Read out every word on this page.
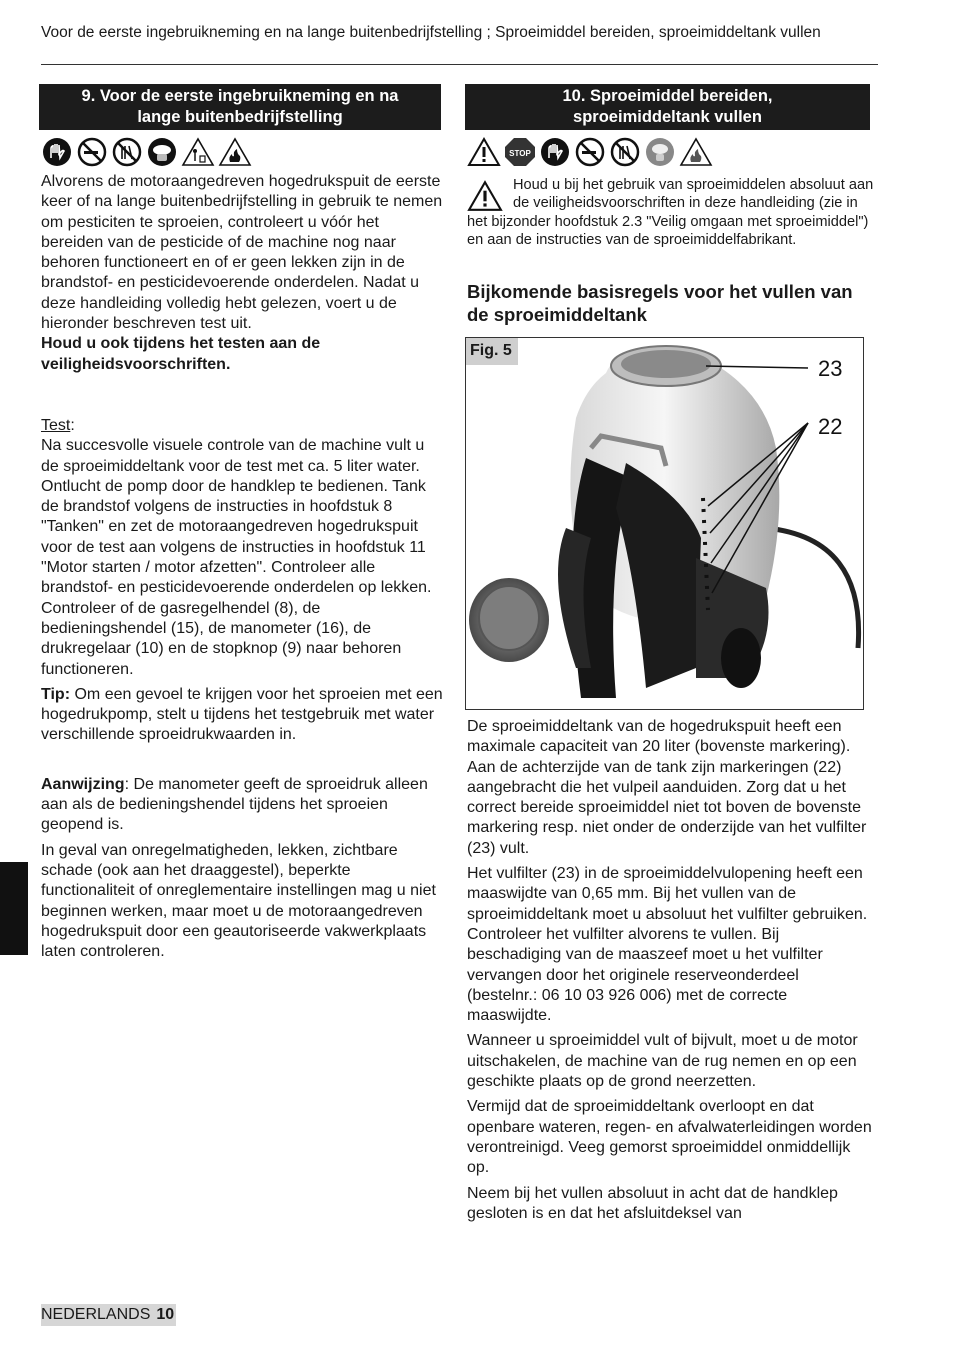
Voor de eerste ingebruikneming en na lange buitenbedrijfstelling ; Sproeimiddel bereiden, sproeimiddeltank vullen
9. Voor de eerste ingebruikneming en na
lange buitenbedrijfstelling

Alvorens de motoraangedreven hogedrukspuit de eerste keer of na lange buitenbedrijfstelling in gebruik te nemen om pesticiten te sproeien, controleert u vóór het bereiden van de pesticide of de machine nog naar behoren functioneert en of er geen lekken zijn in de brandstof- en pesticidevoerende onderdelen. Nadat u deze handleiding volledig hebt gelezen, voert u de hieronder beschreven test uit.

Houd u ook tijdens het testen aan de veiligheidsvoorschriften.

Test:

Na succesvolle visuele controle van de machine vult u de sproeimiddeltank voor de test met ca. 5 liter water. Ontlucht de pomp door de handklep te bedienen. Tank de brandstof volgens de instructies in hoofdstuk 8 "Tanken" en zet de motoraangedreven hogedrukspuit voor de test aan volgens de instructies in hoofdstuk 11 "Motor starten / motor afzetten". Controleer alle brandstof- en pesticidevoerende onderdelen op lekken. Controleer of de gasregelhendel (8), de bedieningshendel (15), de manometer (16), de drukregelaar (10) en de stopknop (9) naar behoren functioneren.

Tip: Om een gevoel te krijgen voor het sproeien met een hogedrukpomp, stelt u tijdens het testgebruik met water verschillende sproeidrukwaarden in.

Aanwijzing: De manometer geeft de sproeidruk alleen aan als de bedieningshendel tijdens het sproeien geopend is.

In geval van onregelmatigheden, lekken, zichtbare schade (ook aan het draaggestel), beperkte functionaliteit of onreglementaire instellingen mag u niet beginnen werken, maar moet u de motoraangedreven hogedrukspuit door een geautoriseerde vakwerkplaats laten controleren.

10. Sproeimiddel bereiden,
sproeimiddeltank vullen
STOP
Houd u bij het gebruik van sproeimiddelen absoluut aan de veiligheidsvoorschriften in deze handleiding (zie in het bijzonder hoofdstuk 2.3 "Veilig omgaan met sproeimiddel") en aan de instructies van de sproeimiddelfabrikant.
Bijkomende basisregels voor het vullen van de sproeimiddeltank
23
22
Fig. 5

De sproeimiddeltank van de hogedrukspuit heeft een maximale capaciteit van 20 liter (bovenste markering). Aan de achterzijde van de tank zijn markeringen (22) aangebracht die het vulpeil aanduiden. Zorg dat u het correct bereide sproeimiddel niet tot boven de bovenste markering resp. niet onder de onderzijde van het vulfilter (23) vult.

Het vulfilter (23) in de sproeimiddelvulopening heeft een maaswijdte van 0,65 mm. Bij het vullen van de sproeimiddeltank moet u absoluut het vulfilter gebruiken. Controleer het vulfilter alvorens te vullen. Bij beschadiging van de maaszeef moet u het vulfilter vervangen door het originele reserveonderdeel (bestelnr.: 06 10 03 926 006) met de correcte maaswijdte.

Wanneer u sproeimiddel vult of bijvult, moet u de motor uitschakelen, de machine van de rug nemen en op een geschikte plaats op de grond neerzetten.

Vermijd dat de sproeimiddeltank overloopt en dat openbare wateren, regen- en afvalwaterleidingen worden verontreinigd. Veeg gemorst sproeimiddel onmiddellijk op.

Neem bij het vullen absoluut in acht dat de handklep gesloten is en dat het afsluitdeksel van

NEDERLANDS 10
